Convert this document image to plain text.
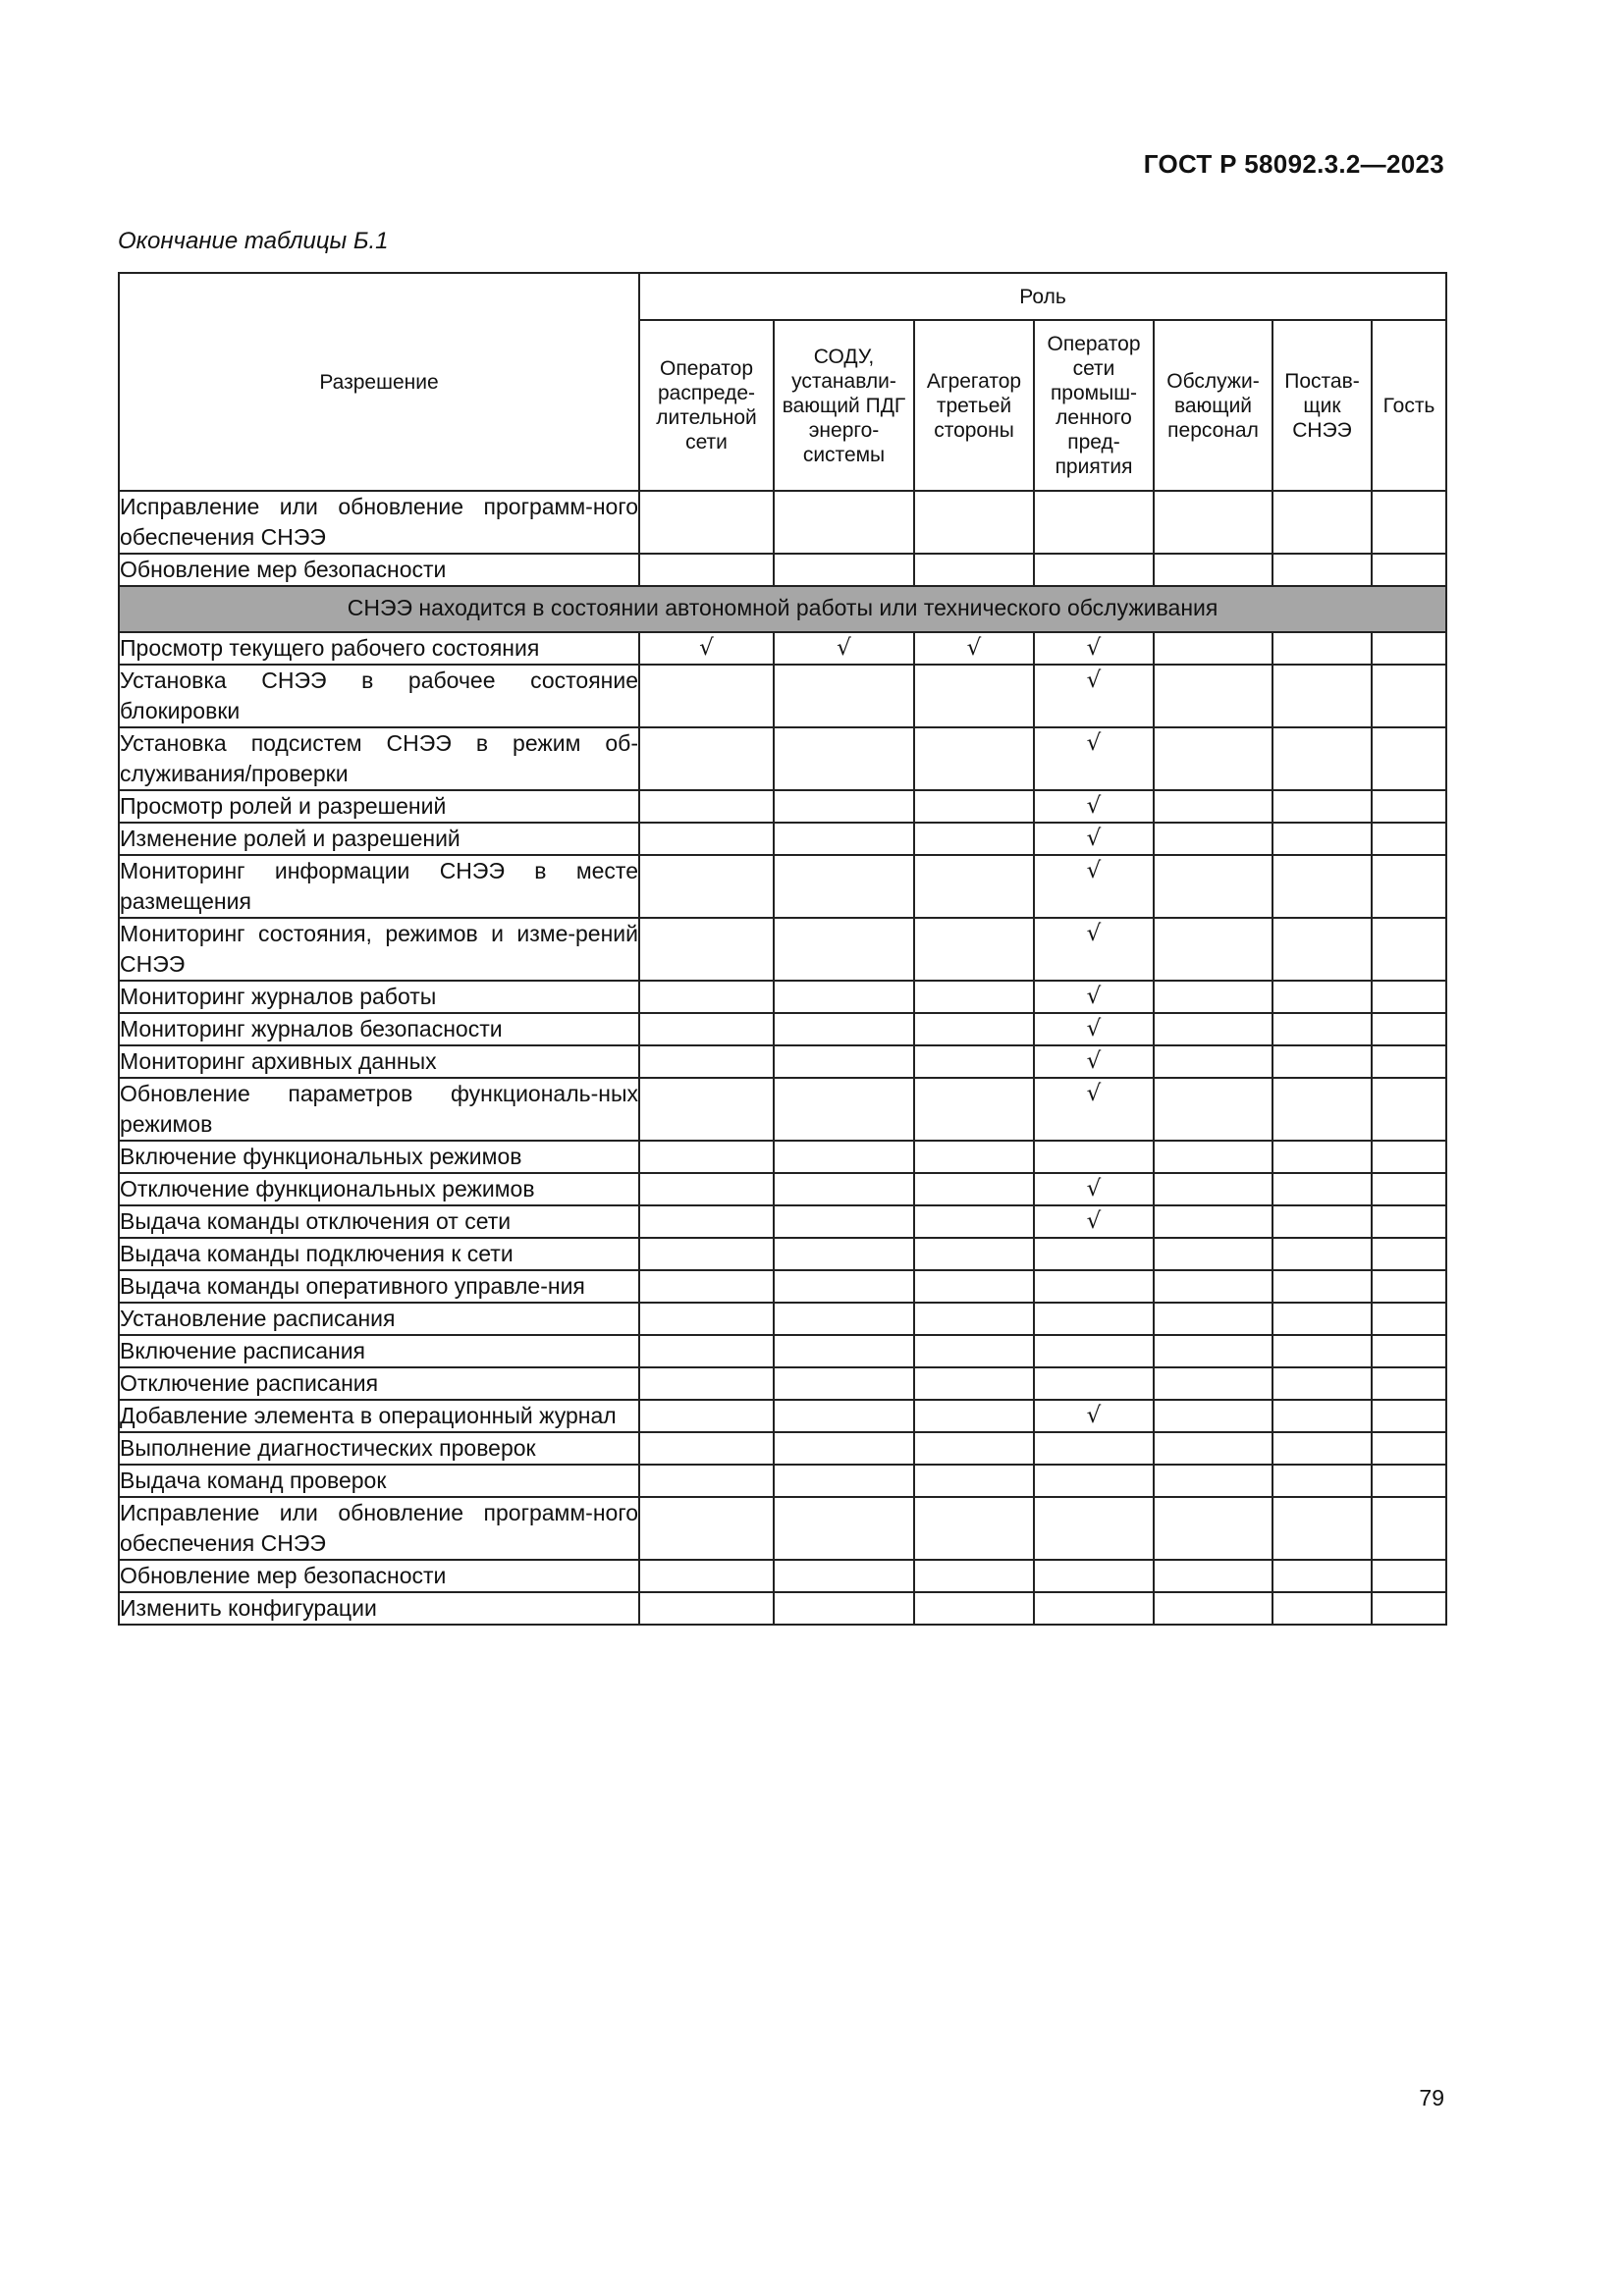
ГОСТ Р 58092.3.2—2023
Окончание таблицы Б.1
Разрешение	Роль						
	Оператор распреде-лительной сети	СОДУ, устанавли-вающий ПДГ энерго-системы	Агрегатор третьей стороны	Оператор сети промыш-ленного пред-приятия	Обслужи-вающий персонал	Постав-щик СНЭЭ	Гость
Исправление или обновление программ-ного обеспечения СНЭЭ							
Обновление мер безопасности							
СНЭЭ находится в состоянии автономной работы или технического обслуживания							
Просмотр текущего рабочего состояния	√	√	√	√			
Установка СНЭЭ в рабочее состояние блокировки				√			
Установка подсистем СНЭЭ в режим об-служивания/проверки				√			
Просмотр ролей и разрешений				√			
Изменение ролей и разрешений				√			
Мониторинг информации СНЭЭ в месте размещения				√			
Мониторинг состояния, режимов и изме-рений СНЭЭ				√			
Мониторинг журналов работы				√			
Мониторинг журналов безопасности				√			
Мониторинг архивных данных				√			
Обновление параметров функциональ-ных режимов				√			
Включение функциональных режимов							
Отключение функциональных режимов				√			
Выдача команды отключения от сети				√			
Выдача команды подключения к сети							
Выдача команды оперативного управле-ния							
Установление расписания							
Включение расписания							
Отключение расписания							
Добавление элемента в операционный журнал				√			
Выполнение диагностических проверок							
Выдача команд проверок							
Исправление или обновление программ-ного обеспечения СНЭЭ							
Обновление мер безопасности							
Изменить конфигурации							
79
